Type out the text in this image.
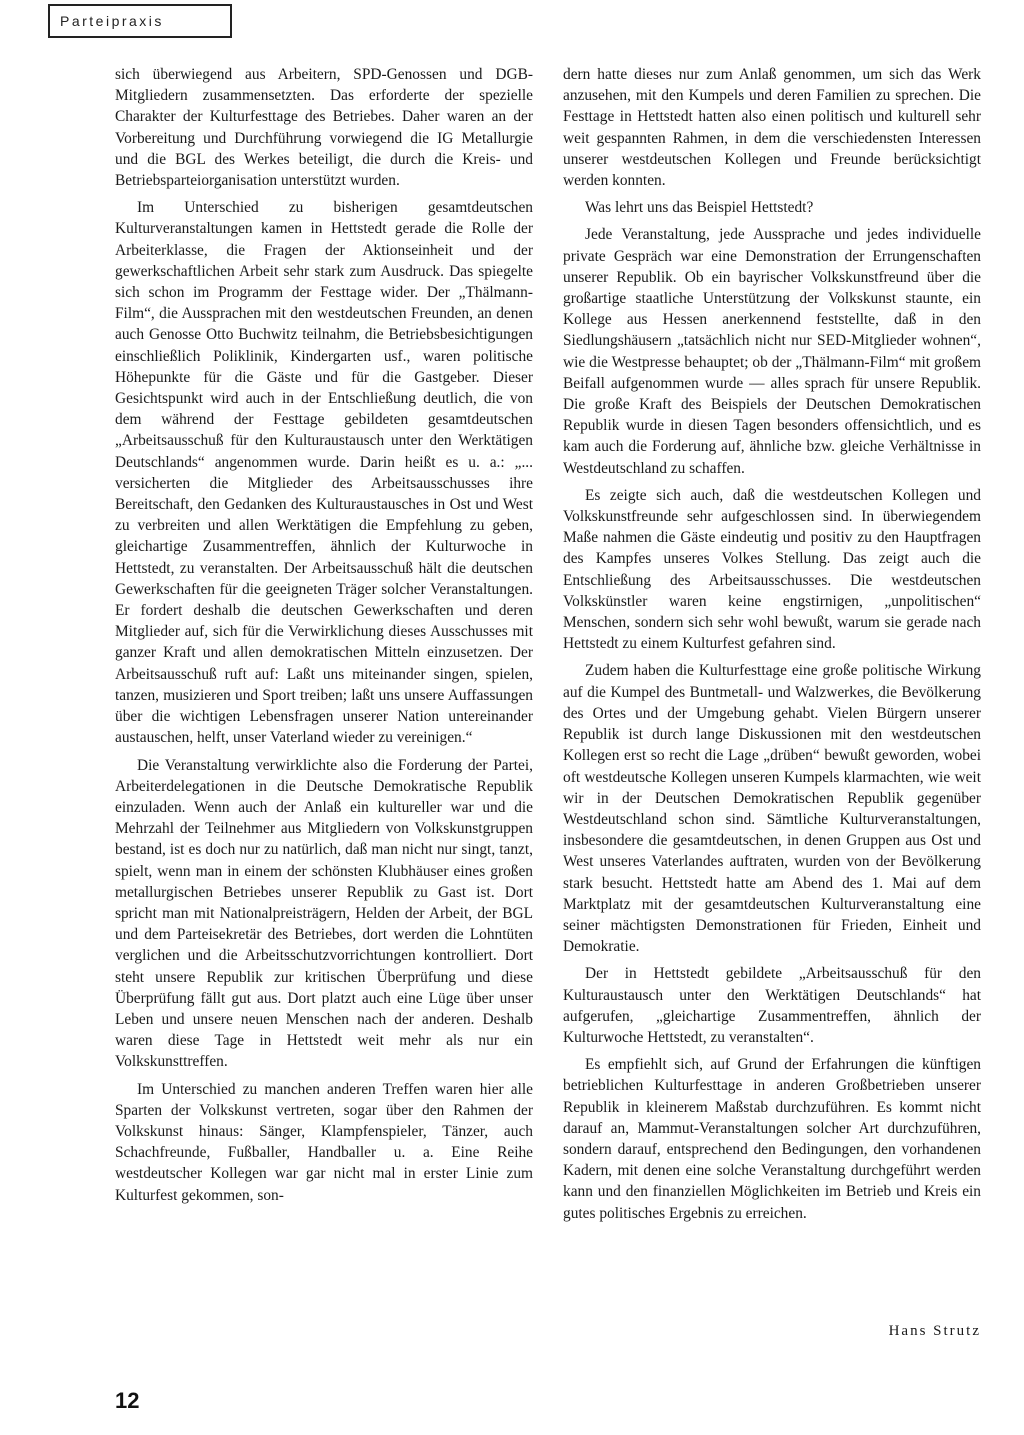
Parteipraxis

sich überwiegend aus Arbeitern, SPD-Genossen und DGB-Mitgliedern zusammensetzten. Das erforderte der spezielle Charakter der Kulturfesttage des Betriebes. Daher waren an der Vorbereitung und Durchführung vorwiegend die IG Metallurgie und die BGL des Werkes beteiligt, die durch die Kreis- und Betriebsparteiorganisation unterstützt wurden.

Im Unterschied zu bisherigen gesamtdeutschen Kulturveranstaltungen kamen in Hettstedt gerade die Rolle der Arbeiterklasse, die Fragen der Aktionseinheit und der gewerkschaftlichen Arbeit sehr stark zum Ausdruck. Das spiegelte sich schon im Programm der Festtage wider. Der „Thälmann-Film“, die Aussprachen mit den westdeutschen Freunden, an denen auch Genosse Otto Buchwitz teilnahm, die Betriebsbesichtigungen einschließlich Poliklinik, Kindergarten usf., waren politische Höhepunkte für die Gäste und für die Gastgeber. Dieser Gesichtspunkt wird auch in der Entschließung deutlich, die von dem während der Festtage gebildeten gesamtdeutschen „Arbeitsausschuß für den Kulturaustausch unter den Werktätigen Deutschlands“ angenommen wurde. Darin heißt es u. a.: „... versicherten die Mitglieder des Arbeitsausschusses ihre Bereitschaft, den Gedanken des Kulturaustausches in Ost und West zu verbreiten und allen Werktätigen die Empfehlung zu geben, gleichartige Zusammentreffen, ähnlich der Kulturwoche in Hettstedt, zu veranstalten. Der Arbeitsausschuß hält die deutschen Gewerkschaften für die geeigneten Träger solcher Veranstaltungen. Er fordert deshalb die deutschen Gewerkschaften und deren Mitglieder auf, sich für die Verwirklichung dieses Ausschusses mit ganzer Kraft und allen demokratischen Mitteln einzusetzen. Der Arbeitsausschuß ruft auf: Laßt uns miteinander singen, spielen, tanzen, musizieren und Sport treiben; laßt uns unsere Auffassungen über die wichtigen Lebensfragen unserer Nation untereinander austauschen, helft, unser Vaterland wieder zu vereinigen.“

Die Veranstaltung verwirklichte also die Forderung der Partei, Arbeiterdelegationen in die Deutsche Demokratische Republik einzuladen. Wenn auch der Anlaß ein kultureller war und die Mehrzahl der Teilnehmer aus Mitgliedern von Volkskunstgruppen bestand, ist es doch nur zu natürlich, daß man nicht nur singt, tanzt, spielt, wenn man in einem der schönsten Klubhäuser eines großen metallurgischen Betriebes unserer Republik zu Gast ist. Dort spricht man mit Nationalpreisträgern, Helden der Arbeit, der BGL und dem Parteisekretär des Betriebes, dort werden die Lohntüten verglichen und die Arbeitsschutzvorrichtungen kontrolliert. Dort steht unsere Republik zur kritischen Überprüfung und diese Überprüfung fällt gut aus. Dort platzt auch eine Lüge über unser Leben und unsere neuen Menschen nach der anderen. Deshalb waren diese Tage in Hettstedt weit mehr als nur ein Volkskunsttreffen.

Im Unterschied zu manchen anderen Treffen waren hier alle Sparten der Volkskunst vertreten, sogar über den Rahmen der Volkskunst hinaus: Sänger, Klampfenspieler, Tänzer, auch Schachfreunde, Fußballer, Handballer u. a. Eine Reihe westdeutscher Kollegen war gar nicht mal in erster Linie zum Kulturfest gekommen, son-

dern hatte dieses nur zum Anlaß genommen, um sich das Werk anzusehen, mit den Kumpels und deren Familien zu sprechen. Die Festtage in Hettstedt hatten also einen politisch und kulturell sehr weit gespannten Rahmen, in dem die verschiedensten Interessen unserer westdeutschen Kollegen und Freunde berücksichtigt werden konnten.

Was lehrt uns das Beispiel Hettstedt?

Jede Veranstaltung, jede Aussprache und jedes individuelle private Gespräch war eine Demonstration der Errungenschaften unserer Republik. Ob ein bayrischer Volkskunstfreund über die großartige staatliche Unterstützung der Volkskunst staunte, ein Kollege aus Hessen anerkennend feststellte, daß in den Siedlungshäusern „tatsächlich nicht nur SED-Mitglieder wohnen“, wie die Westpresse behauptet; ob der „Thälmann-Film“ mit großem Beifall aufgenommen wurde — alles sprach für unsere Republik. Die große Kraft des Beispiels der Deutschen Demokratischen Republik wurde in diesen Tagen besonders offensichtlich, und es kam auch die Forderung auf, ähnliche bzw. gleiche Verhältnisse in Westdeutschland zu schaffen.

Es zeigte sich auch, daß die westdeutschen Kollegen und Volkskunstfreunde sehr aufgeschlossen sind. In überwiegendem Maße nahmen die Gäste eindeutig und positiv zu den Hauptfragen des Kampfes unseres Volkes Stellung. Das zeigt auch die Entschließung des Arbeitsausschusses. Die westdeutschen Volkskünstler waren keine engstirnigen, „unpolitischen“ Menschen, sondern sich sehr wohl bewußt, warum sie gerade nach Hettstedt zu einem Kulturfest gefahren sind.

Zudem haben die Kulturfesttage eine große politische Wirkung auf die Kumpel des Buntmetall- und Walzwerkes, die Bevölkerung des Ortes und der Umgebung gehabt. Vielen Bürgern unserer Republik ist durch lange Diskussionen mit den westdeutschen Kollegen erst so recht die Lage „drüben“ bewußt geworden, wobei oft westdeutsche Kollegen unseren Kumpels klarmachten, wie weit wir in der Deutschen Demokratischen Republik gegenüber Westdeutschland schon sind. Sämtliche Kulturveranstaltungen, insbesondere die gesamtdeutschen, in denen Gruppen aus Ost und West unseres Vaterlandes auftraten, wurden von der Bevölkerung stark besucht. Hettstedt hatte am Abend des 1. Mai auf dem Marktplatz mit der gesamtdeutschen Kulturveranstaltung eine seiner mächtigsten Demonstrationen für Frieden, Einheit und Demokratie.

Der in Hettstedt gebildete „Arbeitsausschuß für den Kulturaustausch unter den Werktätigen Deutschlands“ hat aufgerufen, „gleichartige Zusammentreffen, ähnlich der Kulturwoche Hettstedt, zu veranstalten“.

Es empfiehlt sich, auf Grund der Erfahrungen die künftigen betrieblichen Kulturfesttage in anderen Großbetrieben unserer Republik in kleinerem Maßstab durchzuführen. Es kommt nicht darauf an, Mammut-Veranstaltungen solcher Art durchzuführen, sondern darauf, entsprechend den Bedingungen, den vorhandenen Kadern, mit denen eine solche Veranstaltung durchgeführt werden kann und den finanziellen Möglichkeiten im Betrieb und Kreis ein gutes politisches Ergebnis zu erreichen.

Hans Strutz
12
